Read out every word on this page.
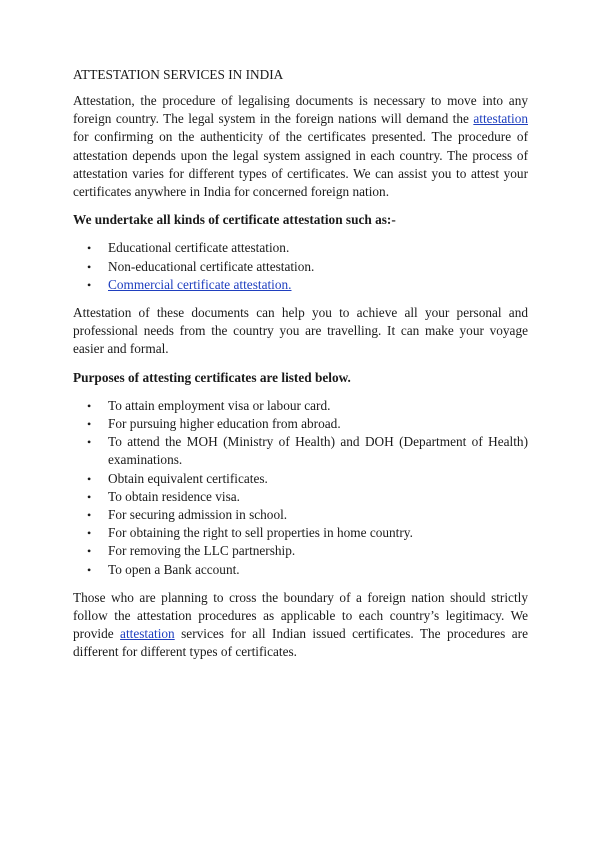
ATTESTATION SERVICES IN INDIA

Attestation, the procedure of legalising documents is necessary to move into any foreign country. The legal system in the foreign nations will demand the attestation for confirming on the authenticity of the certificates presented. The procedure of attestation depends upon the legal system assigned in each country. The process of attestation varies for different types of certificates. We can assist you to attest your certificates anywhere in India for concerned foreign nation.

We undertake all kinds of certificate attestation such as:-

• Educational certificate attestation.
• Non-educational certificate attestation.
• Commercial certificate attestation.

Attestation of these documents can help you to achieve all your personal and professional needs from the country you are travelling. It can make your voyage easier and formal.

Purposes of attesting certificates are listed below.

• To attain employment visa or labour card.
• For pursuing higher education from abroad.
• To attend the MOH (Ministry of Health) and DOH (Department of Health) examinations.
• Obtain equivalent certificates.
• To obtain residence visa.
• For securing admission in school.
• For obtaining the right to sell properties in home country.
• For removing the LLC partnership.
• To open a Bank account.

Those who are planning to cross the boundary of a foreign nation should strictly follow the attestation procedures as applicable to each country’s legitimacy. We provide attestation services for all Indian issued certificates. The procedures are different for different types of certificates.
